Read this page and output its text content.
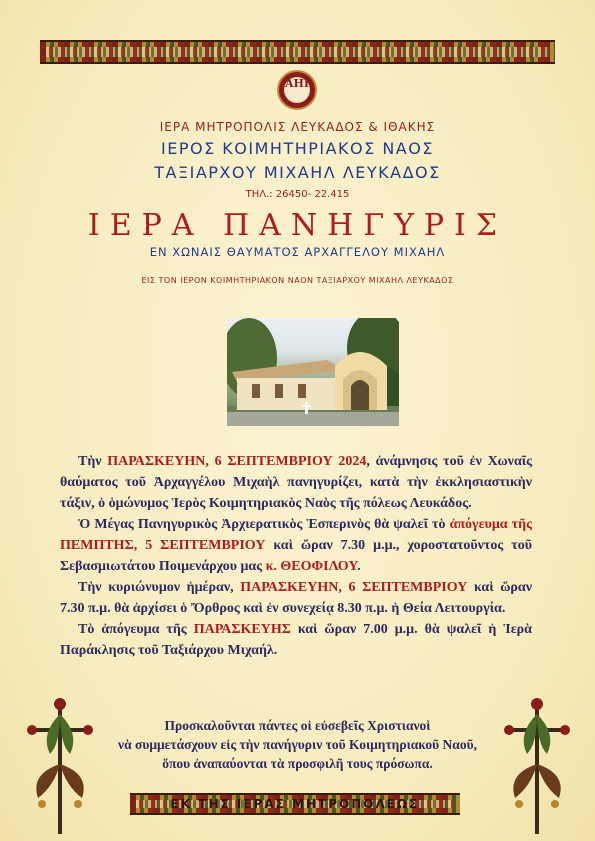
ΑΗΙ
ΙΕΡΑ ΜΗΤΡΟΠΟΛΙΣ ΛΕΥΚΑΔΟΣ & ΙΘΑΚΗΣ
ΙΕΡΟΣ ΚΟΙΜΗΤΗΡΙΑΚΟΣ ΝΑΟΣ
ΤΑΞΙΑΡΧΟΥ ΜΙΧΑΗΛ ΛΕΥΚΑΔΟΣ
ΤΗΛ.: 26450- 22.415
ΙΕΡΑ ΠΑΝΗΓΥΡΙΣ
ΕΝ ΧΩΝΑΙΣ ΘΑΥΜΑΤΟΣ ΑΡΧΑΓΓΕΛΟΥ ΜΙΧΑΗΛ
ΕΙΣ ΤΟΝ ΙΕΡΟΝ ΚΟΙΜΗΤΗΡΙΑΚΟΝ ΝΑΟΝ ΤΑΞΙΑΡΧΟΥ ΜΙΧΑΗΛ ΛΕΥΚΑΔΟΣ

Τὴν ΠΑΡΑΣΚΕΥΗΝ, 6 ΣΕΠΤΕΜΒΡΙΟΥ 2024, ἀνάμνησις τοῦ ἐν Χωναῖς θαύματος τοῦ Ἀρχαγγέλου Μιχαὴλ πανηγυρίζει, κατὰ τὴν ἐκκλησιαστικὴν τάξιν, ὁ ὁμώνυμος Ἱερὸς Κοιμητηριακὸς Ναὸς τῆς πόλεως Λευκάδος.

Ὁ Μέγας Πανηγυρικὸς Ἀρχιερατικὸς Ἑσπερινὸς θὰ ψαλεῖ τὸ ἀπόγευμα τῆς ΠΕΜΠΤΗΣ, 5 ΣΕΠΤΕΜΒΡΙΟΥ καὶ ὥραν 7.30 μ.μ., χοροστατοῦντος τοῦ Σεβασμιωτάτου Ποιμενάρχου μας κ. ΘΕΟΦΙΛΟΥ.

Τὴν κυριώνυμον ἡμέραν, ΠΑΡΑΣΚΕΥΗΝ, 6 ΣΕΠΤΕΜΒΡΙΟΥ καὶ ὥραν 7.30 π.μ. θὰ ἀρχίσει ὁ Ὄρθρος καὶ ἐν συνεχείᾳ 8.30 π.μ. ἡ Θεία Λειτουργία.

Τὸ ἀπόγευμα τῆς ΠΑΡΑΣΚΕΥΗΣ καὶ ὥραν 7.00 μ.μ. θὰ ψαλεῖ ἡ Ἱερὰ Παράκλησις τοῦ Ταξιάρχου Μιχαήλ.

Προσκαλοῦνται πάντες οἱ εὐσεβεῖς Χριστιανοὶ
νὰ συμμετάσχουν εἰς τὴν πανήγυριν τοῦ Κοιμητηριακοῦ Ναοῦ,
ὅπου ἀναπαύονται τὰ προσφιλῆ τους πρόσωπα.
ΕΚ ΤΗΣ ΙΕΡΑΣ ΜΗΤΡΟΠΟΛΕΩΣ
